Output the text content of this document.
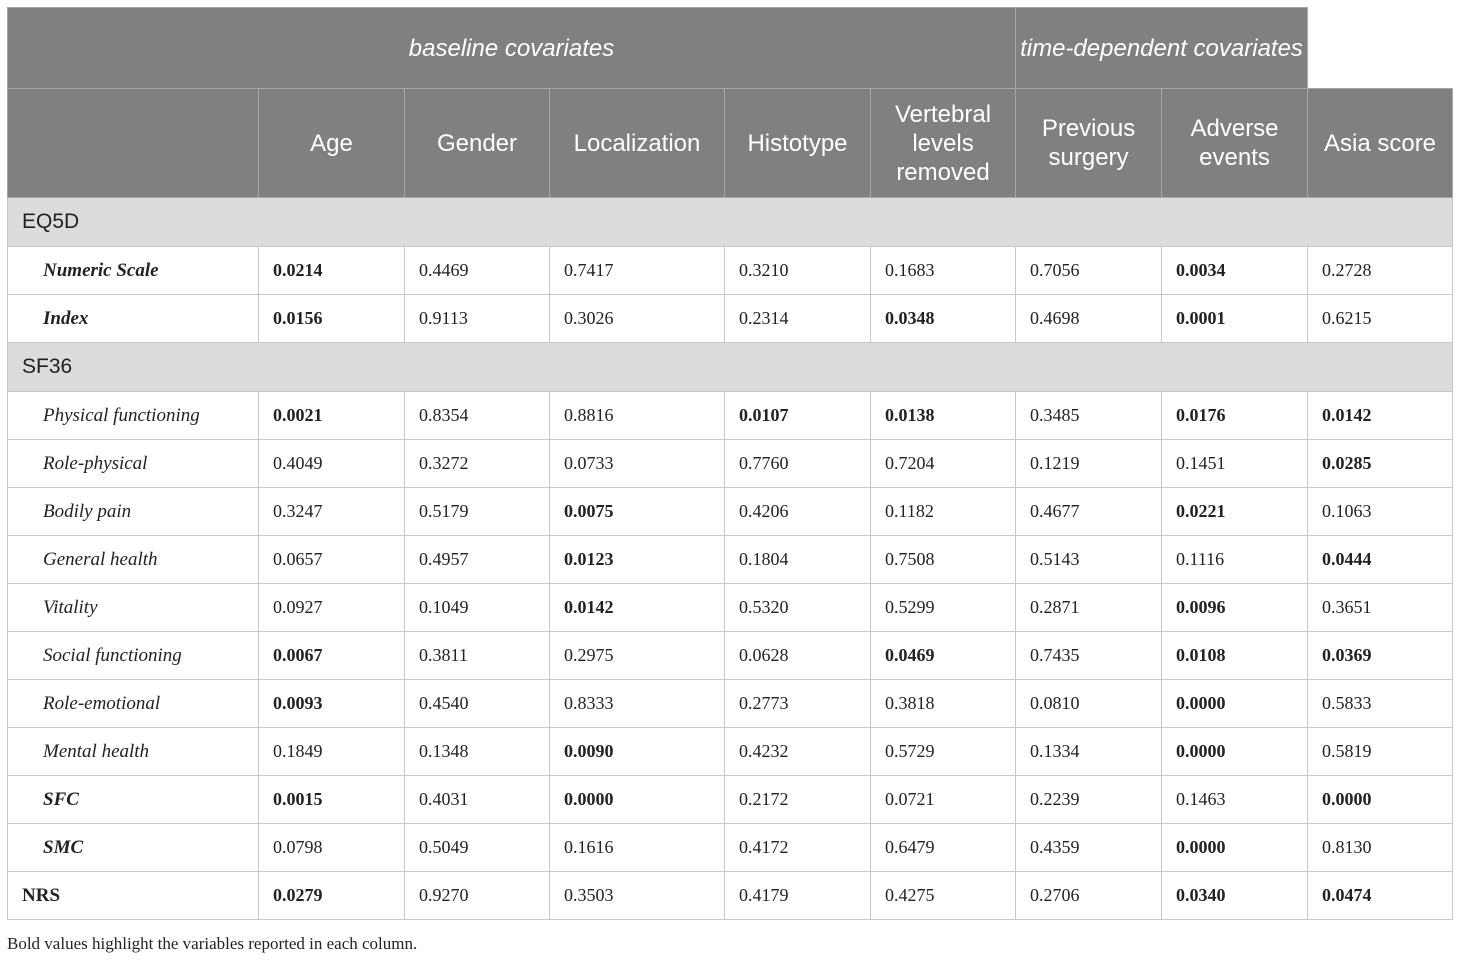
baseline covariates						time-dependent covariates		
	Age	Gender	Localization	Histotype	Vertebral levels removed	Previous surgery	Adverse events	Asia score
EQ5D								
Numeric Scale	0.0214	0.4469	0.7417	0.3210	0.1683	0.7056	0.0034	0.2728
Index	0.0156	0.9113	0.3026	0.2314	0.0348	0.4698	0.0001	0.6215
SF36								
Physical functioning	0.0021	0.8354	0.8816	0.0107	0.0138	0.3485	0.0176	0.0142
Role-physical	0.4049	0.3272	0.0733	0.7760	0.7204	0.1219	0.1451	0.0285
Bodily pain	0.3247	0.5179	0.0075	0.4206	0.1182	0.4677	0.0221	0.1063
General health	0.0657	0.4957	0.0123	0.1804	0.7508	0.5143	0.1116	0.0444
Vitality	0.0927	0.1049	0.0142	0.5320	0.5299	0.2871	0.0096	0.3651
Social functioning	0.0067	0.3811	0.2975	0.0628	0.0469	0.7435	0.0108	0.0369
Role-emotional	0.0093	0.4540	0.8333	0.2773	0.3818	0.0810	0.0000	0.5833
Mental health	0.1849	0.1348	0.0090	0.4232	0.5729	0.1334	0.0000	0.5819
SFC	0.0015	0.4031	0.0000	0.2172	0.0721	0.2239	0.1463	0.0000
SMC	0.0798	0.5049	0.1616	0.4172	0.6479	0.4359	0.0000	0.8130
NRS	0.0279	0.9270	0.3503	0.4179	0.4275	0.2706	0.0340	0.0474
Bold values highlight the variables reported in each column.
